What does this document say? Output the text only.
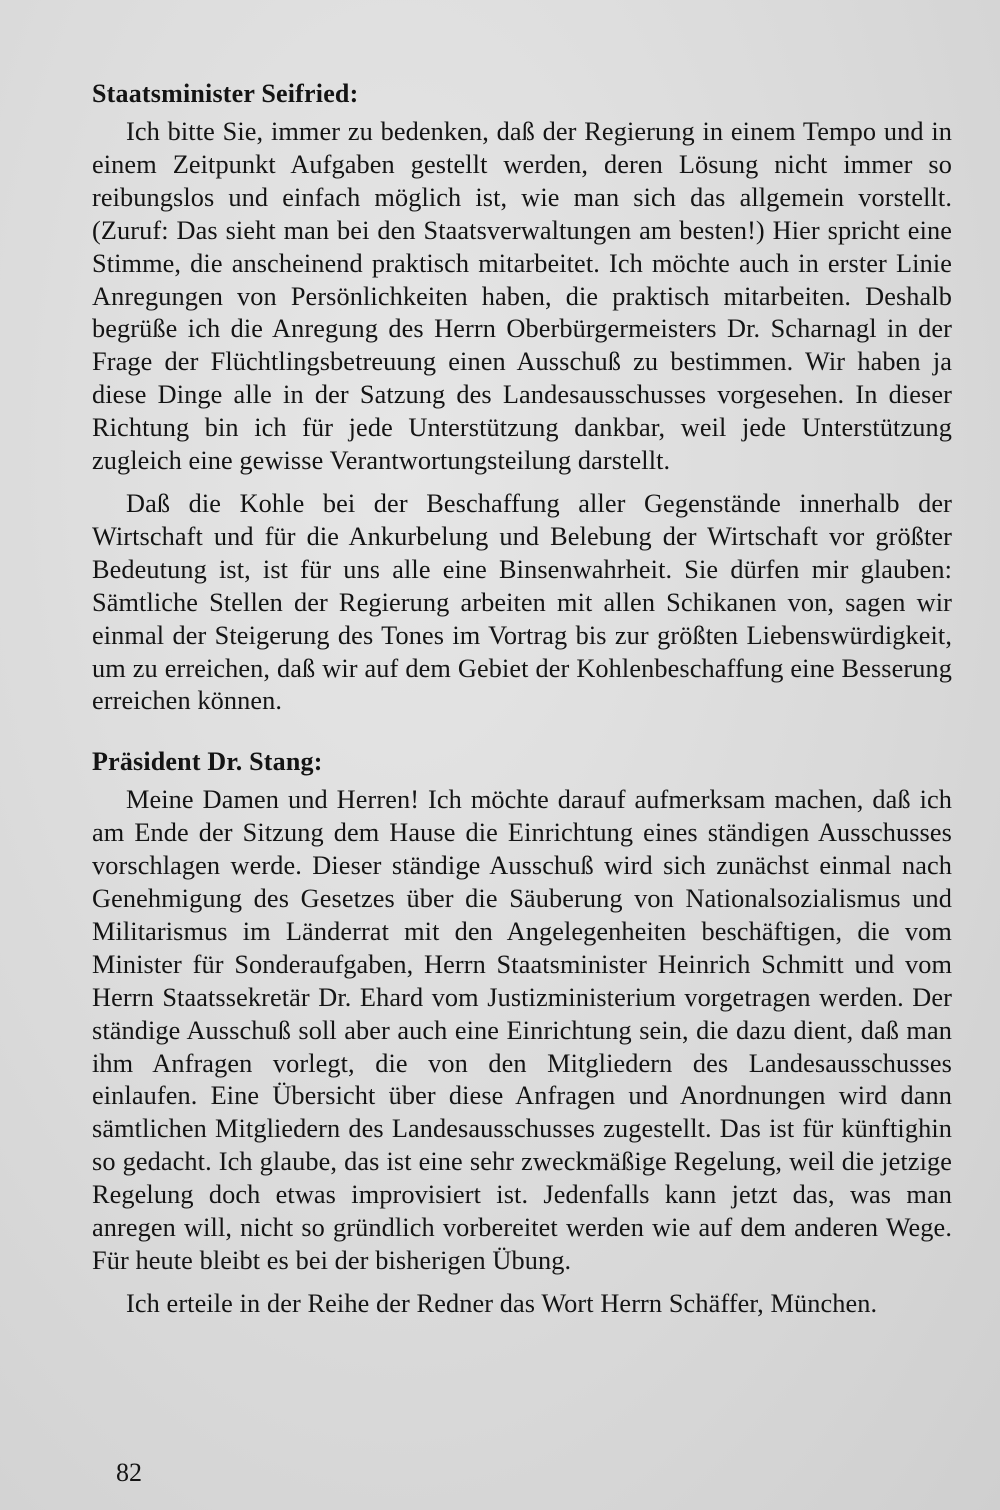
Staatsminister Seifried:

Ich bitte Sie, immer zu bedenken, daß der Regierung in einem Tempo und in einem Zeitpunkt Aufgaben gestellt werden, deren Lösung nicht immer so reibungslos und einfach möglich ist, wie man sich das allgemein vorstellt. (Zuruf: Das sieht man bei den Staatsverwaltungen am besten!) Hier spricht eine Stimme, die anscheinend praktisch mitarbeitet. Ich möchte auch in erster Linie Anregungen von Persönlichkeiten haben, die praktisch mitarbeiten. Deshalb begrüße ich die Anregung des Herrn Oberbürgermeisters Dr. Scharnagl in der Frage der Flüchtlingsbetreuung einen Ausschuß zu bestimmen. Wir haben ja diese Dinge alle in der Satzung des Landesausschusses vorgesehen. In dieser Richtung bin ich für jede Unterstützung dankbar, weil jede Unterstützung zugleich eine gewisse Verantwortungsteilung darstellt.

Daß die Kohle bei der Beschaffung aller Gegenstände innerhalb der Wirtschaft und für die Ankurbelung und Belebung der Wirtschaft vor größter Bedeutung ist, ist für uns alle eine Binsenwahrheit. Sie dürfen mir glauben: Sämtliche Stellen der Regierung arbeiten mit allen Schikanen von, sagen wir einmal der Steigerung des Tones im Vortrag bis zur größten Liebenswürdigkeit, um zu erreichen, daß wir auf dem Gebiet der Kohlenbeschaffung eine Besserung erreichen können.

Präsident Dr. Stang:

Meine Damen und Herren! Ich möchte darauf aufmerksam machen, daß ich am Ende der Sitzung dem Hause die Einrichtung eines ständigen Ausschusses vorschlagen werde. Dieser ständige Ausschuß wird sich zunächst einmal nach Genehmigung des Gesetzes über die Säuberung von Nationalsozialismus und Militarismus im Länderrat mit den Angelegenheiten beschäftigen, die vom Minister für Sonderaufgaben, Herrn Staatsminister Heinrich Schmitt und vom Herrn Staatssekretär Dr. Ehard vom Justizministerium vorgetragen werden. Der ständige Ausschuß soll aber auch eine Einrichtung sein, die dazu dient, daß man ihm Anfragen vorlegt, die von den Mitgliedern des Landesausschusses einlaufen. Eine Übersicht über diese Anfragen und Anordnungen wird dann sämtlichen Mitgliedern des Landesausschusses zugestellt. Das ist für künftighin so gedacht. Ich glaube, das ist eine sehr zweckmäßige Regelung, weil die jetzige Regelung doch etwas improvisiert ist. Jedenfalls kann jetzt das, was man anregen will, nicht so gründlich vorbereitet werden wie auf dem anderen Wege. Für heute bleibt es bei der bisherigen Übung.

Ich erteile in der Reihe der Redner das Wort Herrn Schäffer, München.

82
